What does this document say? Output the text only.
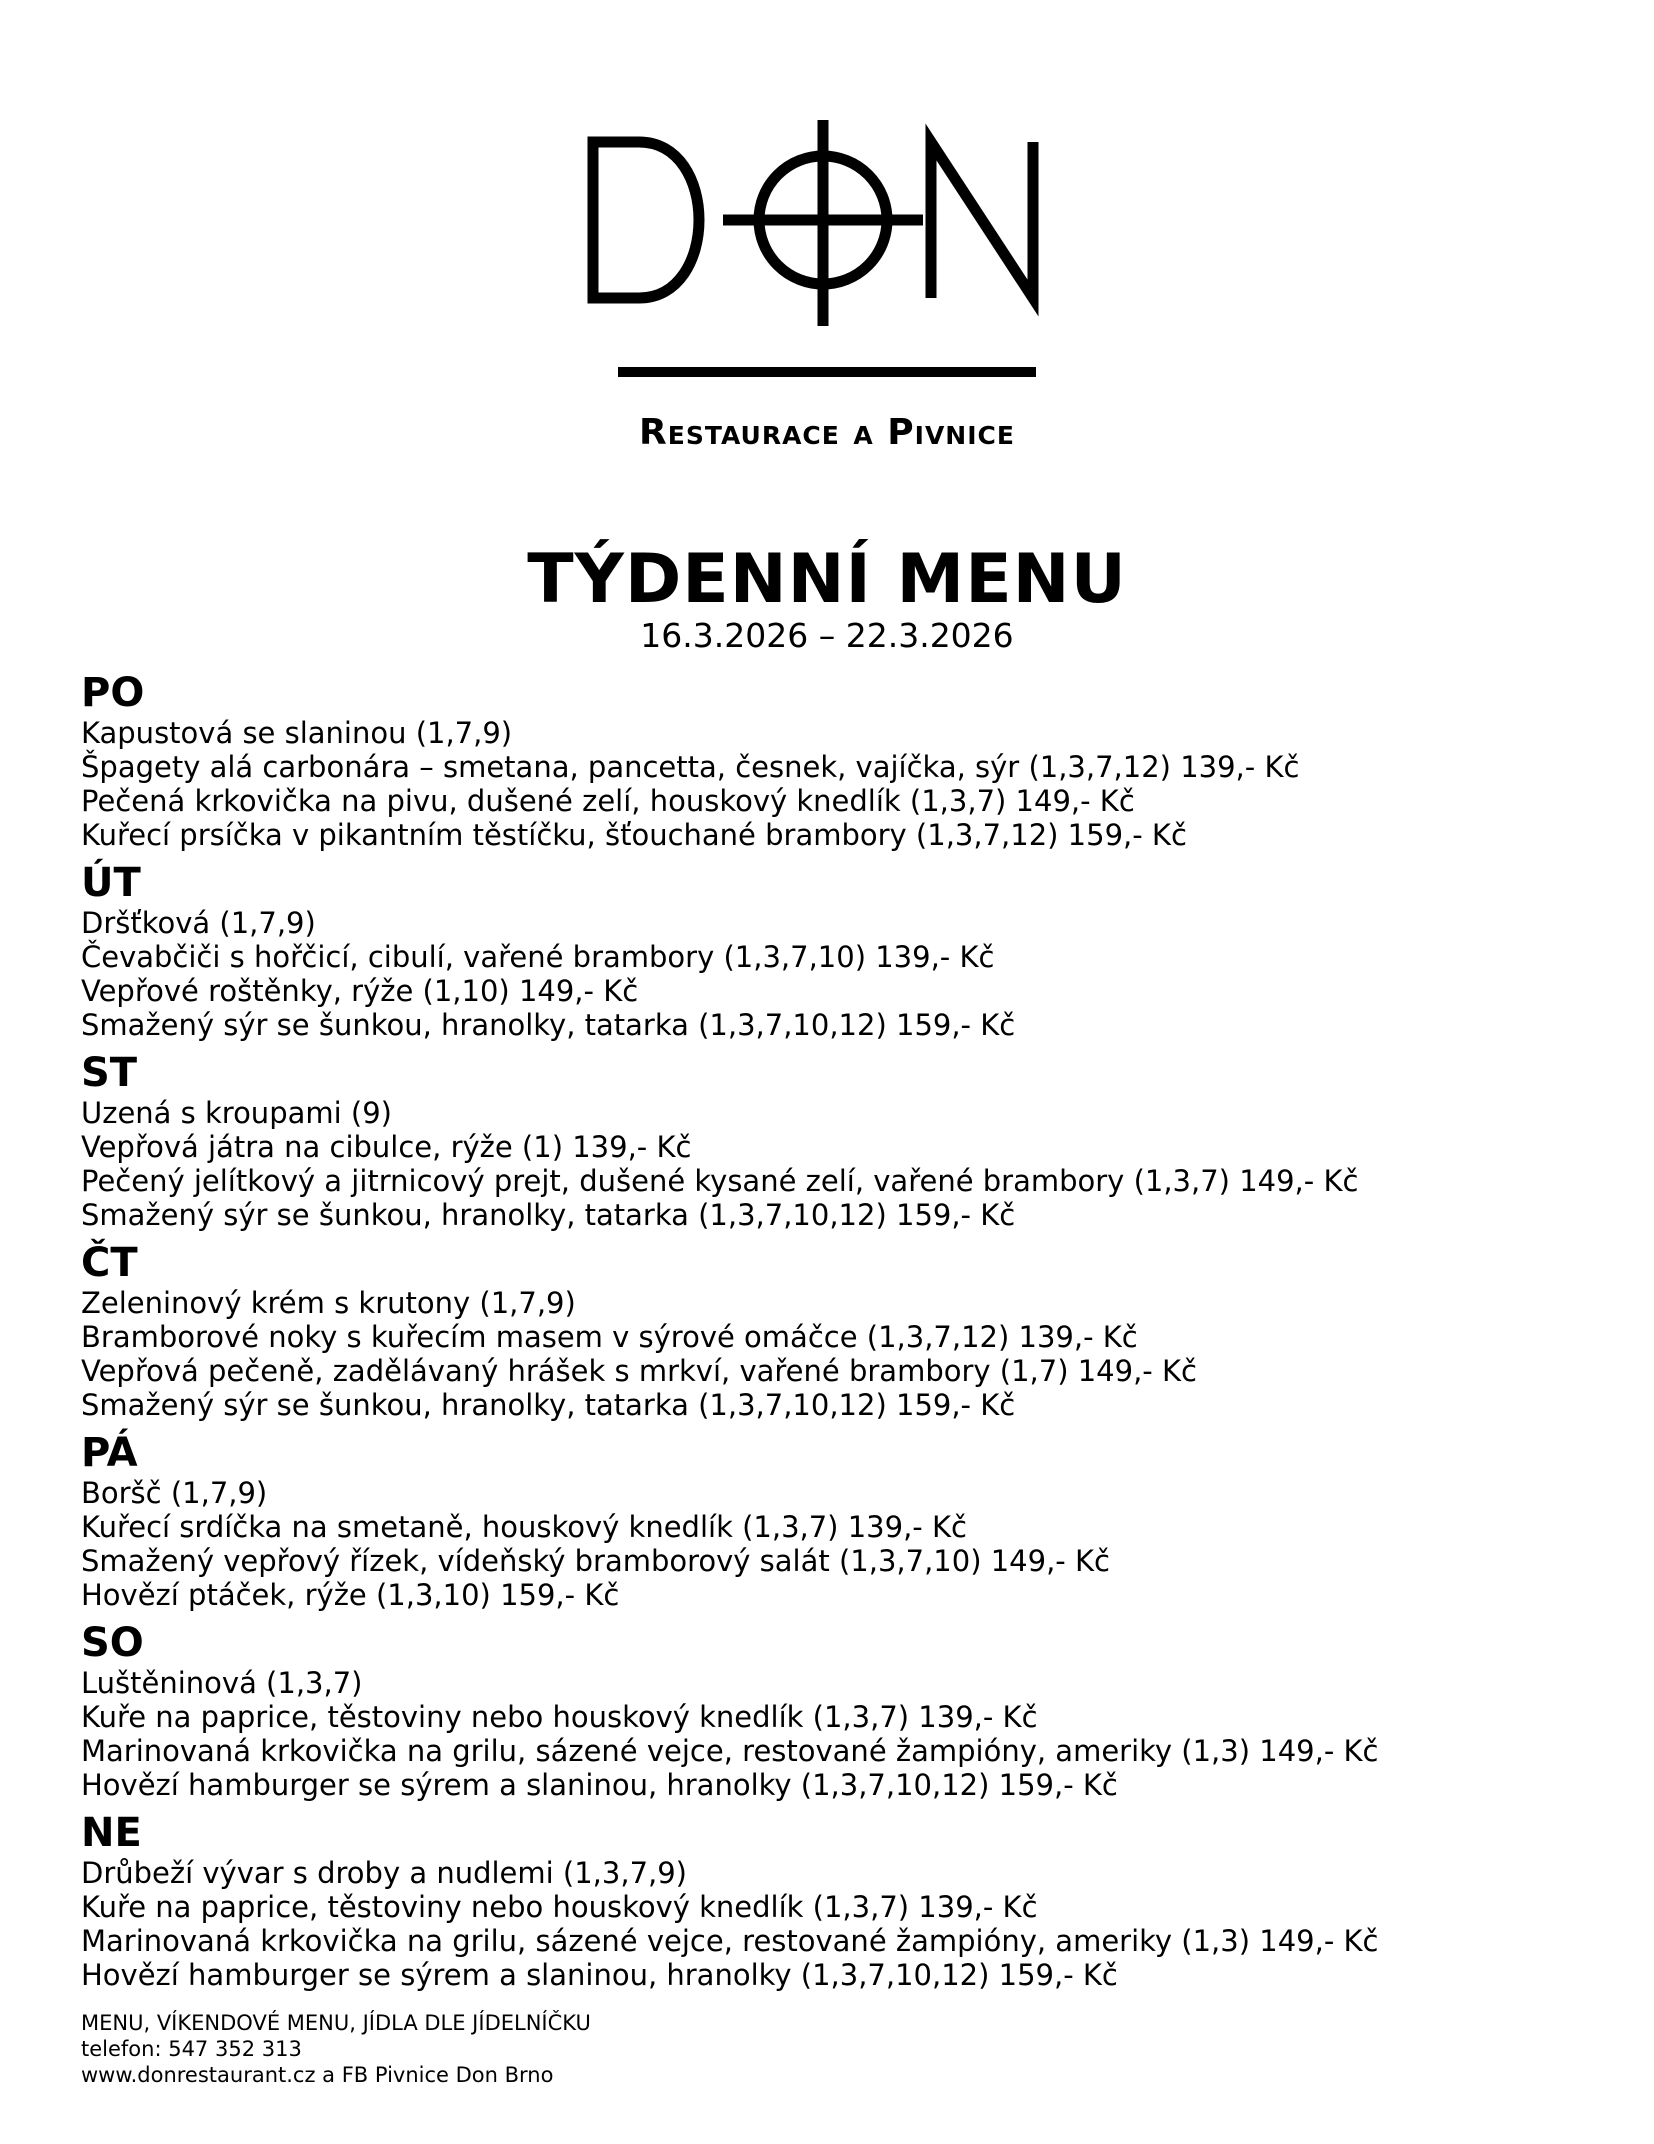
Restaurace a Pivnice
TÝDENNÍ MENU
16.3.2026 – 22.3.2026
PO
Kapustová se slaninou (1,7,9)
Špagety alá carbonára – smetana, pancetta, česnek, vajíčka, sýr (1,3,7,12) 139,- Kč
Pečená krkovička na pivu, dušené zelí, houskový knedlík (1,3,7) 149,- Kč
Kuřecí prsíčka v pikantním těstíčku, šťouchané brambory (1,3,7,12) 159,- Kč
ÚT
Dršťková (1,7,9)
Čevabčiči s hořčicí, cibulí, vařené brambory (1,3,7,10) 139,- Kč
Vepřové roštěnky, rýže (1,10) 149,- Kč
Smažený sýr se šunkou, hranolky, tatarka (1,3,7,10,12) 159,- Kč
ST
Uzená s kroupami (9)
Vepřová játra na cibulce, rýže (1) 139,- Kč
Pečený jelítkový a jitrnicový prejt, dušené kysané zelí, vařené brambory (1,3,7) 149,- Kč
Smažený sýr se šunkou, hranolky, tatarka (1,3,7,10,12) 159,- Kč
ČT
Zeleninový krém s krutony (1,7,9)
Bramborové noky s kuřecím masem v sýrové omáčce (1,3,7,12) 139,- Kč
Vepřová pečeně, zadělávaný hrášek s mrkví, vařené brambory (1,7) 149,- Kč
Smažený sýr se šunkou, hranolky, tatarka (1,3,7,10,12) 159,- Kč
PÁ
Boršč (1,7,9)
Kuřecí srdíčka na smetaně, houskový knedlík (1,3,7) 139,- Kč
Smažený vepřový řízek, vídeňský bramborový salát (1,3,7,10) 149,- Kč
Hovězí ptáček, rýže (1,3,10) 159,- Kč
SO
Luštěninová (1,3,7)
Kuře na paprice, těstoviny nebo houskový knedlík (1,3,7) 139,- Kč
Marinovaná krkovička na grilu, sázené vejce, restované žampióny, ameriky (1,3) 149,- Kč
Hovězí hamburger se sýrem a slaninou, hranolky (1,3,7,10,12) 159,- Kč
NE
Drůbeží vývar s droby a nudlemi (1,3,7,9)
Kuře na paprice, těstoviny nebo houskový knedlík (1,3,7) 139,- Kč
Marinovaná krkovička na grilu, sázené vejce, restované žampióny, ameriky (1,3) 149,- Kč
Hovězí hamburger se sýrem a slaninou, hranolky (1,3,7,10,12) 159,- Kč
MENU, VÍKENDOVÉ MENU, JÍDLA DLE JÍDELNÍČKU
telefon: 547 352 313
www.donrestaurant.cz a FB Pivnice Don Brno
